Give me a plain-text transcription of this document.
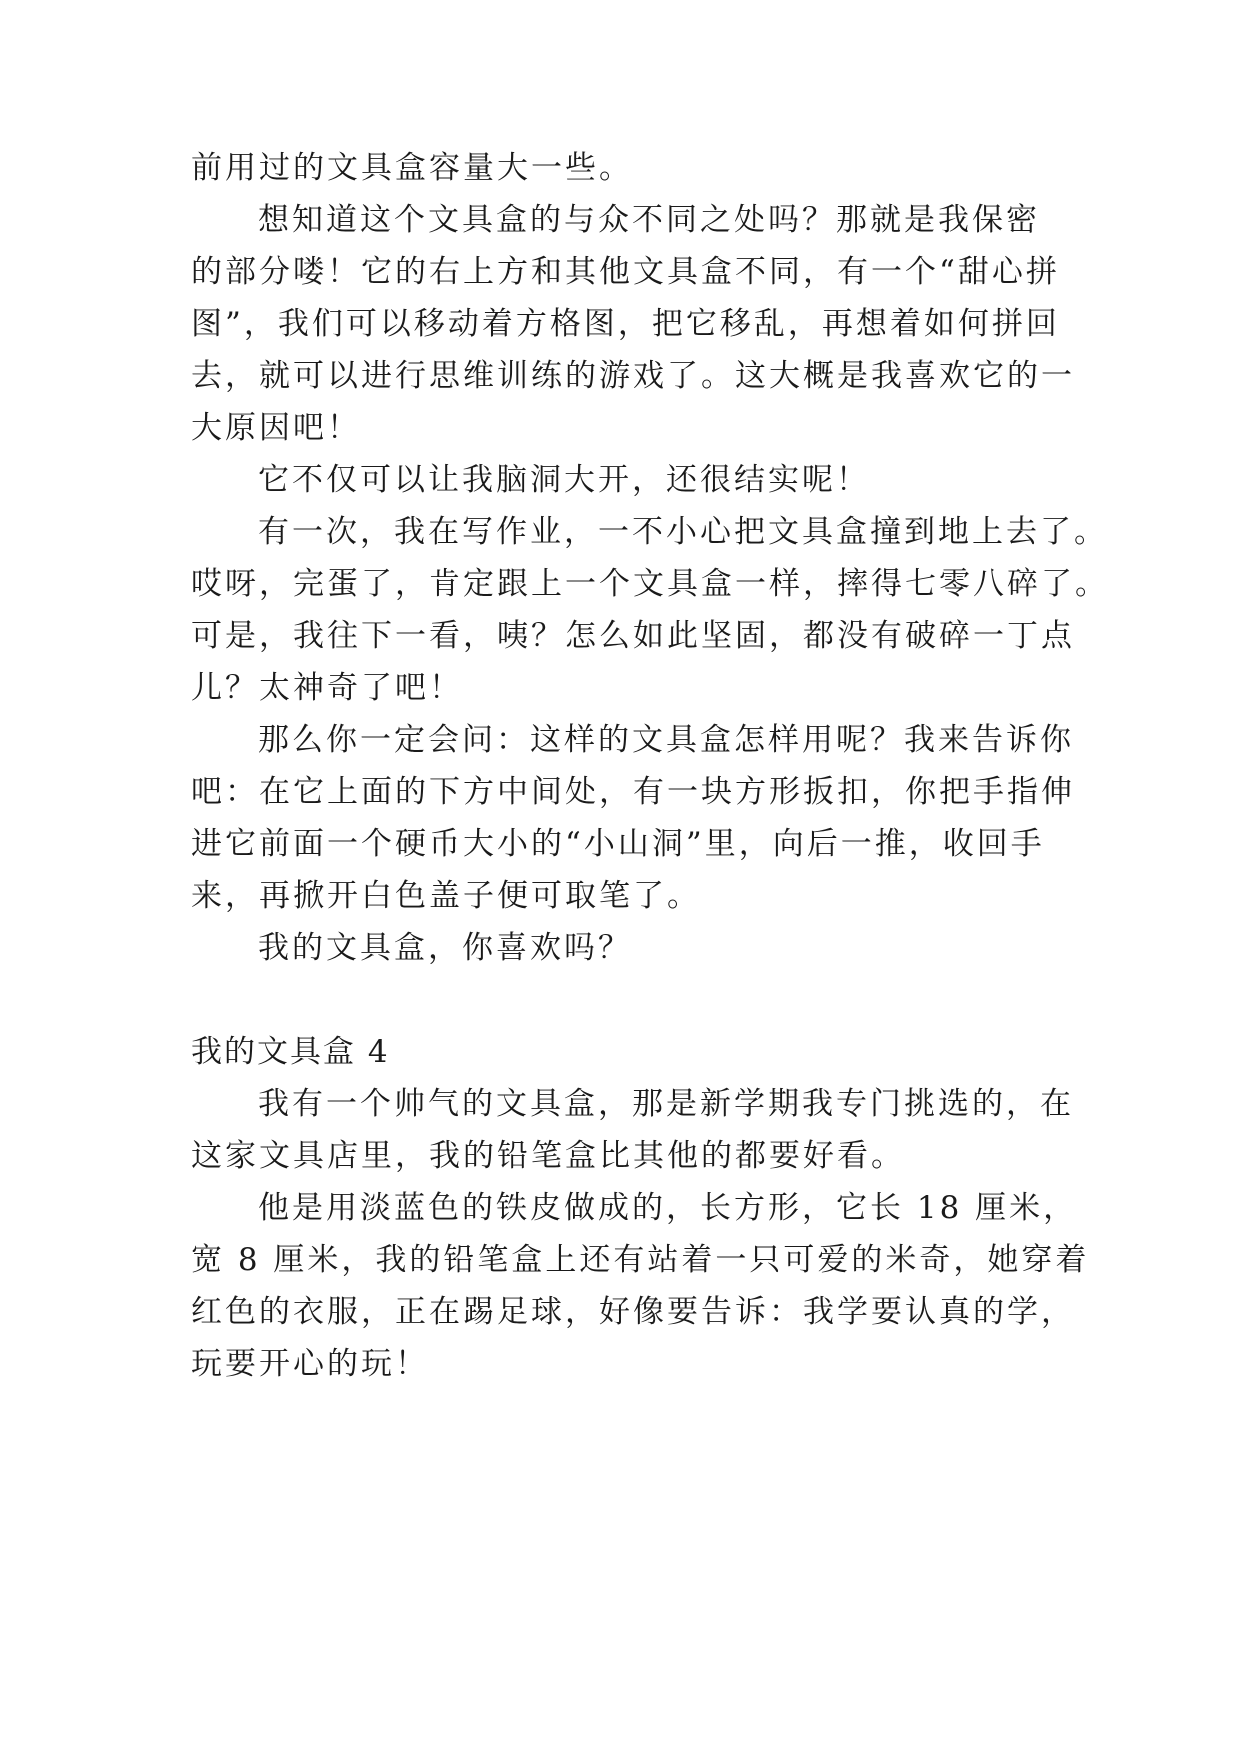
前用过的文具盒容量大一些。
想知道这个文具盒的与众不同之处吗？那就是我保密
的部分喽！它的右上方和其他文具盒不同，有一个“甜心拼
图”，我们可以移动着方格图，把它移乱，再想着如何拼回
去，就可以进行思维训练的游戏了。这大概是我喜欢它的一
大原因吧！
它不仅可以让我脑洞大开，还很结实呢！
有一次，我在写作业，一不小心把文具盒撞到地上去了。
哎呀，完蛋了，肯定跟上一个文具盒一样，摔得七零八碎了。
可是，我往下一看，咦？怎么如此坚固，都没有破碎一丁点
儿？太神奇了吧！
那么你一定会问：这样的文具盒怎样用呢？我来告诉你
吧：在它上面的下方中间处，有一块方形扳扣，你把手指伸
进它前面一个硬币大小的“小山洞”里，向后一推，收回手
来，再掀开白色盖子便可取笔了。
我的文具盒，你喜欢吗？
我的文具盒 4
我有一个帅气的文具盒，那是新学期我专门挑选的，在
这家文具店里，我的铅笔盒比其他的都要好看。
他是用淡蓝色的铁皮做成的，长方形，它长 18 厘米，
宽 8 厘米，我的铅笔盒上还有站着一只可爱的米奇，她穿着
红色的衣服，正在踢足球，好像要告诉：我学要认真的学，
玩要开心的玩！
